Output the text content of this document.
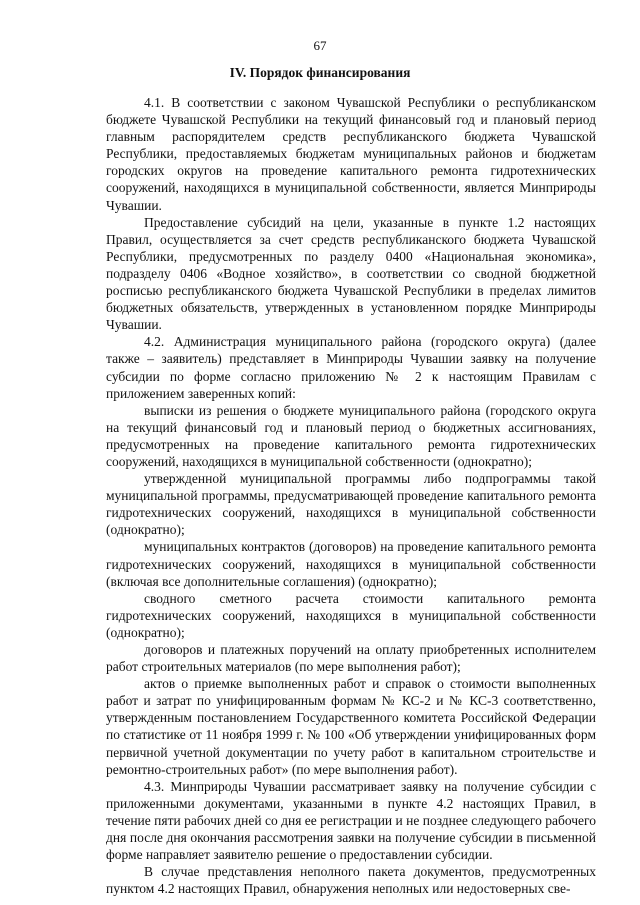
67
IV. Порядок финансирования

4.1. В соответствии с законом Чувашской Республики о республиканском бюджете Чувашской Республики на текущий финансовый год и плановый период главным распорядителем средств республиканского бюджета Чувашской Республики, предоставляемых бюджетам муниципальных районов и бюджетам городских округов на проведение капитального ремонта гидротехнических сооружений, находящихся в муниципальной собственности, является Минприроды Чувашии.

Предоставление субсидий на цели, указанные в пункте 1.2 настоящих Правил, осуществляется за счет средств республиканского бюджета Чувашской Республики, предусмотренных по разделу 0400 «Национальная экономика», подразделу 0406 «Водное хозяйство», в соответствии со сводной бюджетной росписью республиканского бюджета Чувашской Республики в пределах лимитов бюджетных обязательств, утвержденных в установленном порядке Минприроды Чувашии.

4.2. Администрация муниципального района (городского округа) (далее также – заявитель) представляет в Минприроды Чувашии заявку на получение субсидии по форме согласно приложению № 2 к настоящим Правилам с приложением заверенных копий:

выписки из решения о бюджете муниципального района (городского округа на текущий финансовый год и плановый период о бюджетных ассигнованиях, предусмотренных на проведение капитального ремонта гидротехнических сооружений, находящихся в муниципальной собственности (однократно);

утвержденной муниципальной программы либо подпрограммы такой муниципальной программы, предусматривающей проведение капитального ремонта гидротехнических сооружений, находящихся в муниципальной собственности (однократно);

муниципальных контрактов (договоров) на проведение капитального ремонта гидротехнических сооружений, находящихся в муниципальной собственности (включая все дополнительные соглашения) (однократно);

сводного сметного расчета стоимости капитального ремонта гидротехнических сооружений, находящихся в муниципальной собственности (однократно);

договоров и платежных поручений на оплату приобретенных исполнителем работ строительных материалов (по мере выполнения работ);

актов о приемке выполненных работ и справок о стоимости выполненных работ и затрат по унифицированным формам № КС-2 и № КС-3 соответственно, утвержденным постановлением Государственного комитета Российской Федерации по статистике от 11 ноября 1999 г. № 100 «Об утверждении унифицированных форм первичной учетной документации по учету работ в капитальном строительстве и ремонтно-строительных работ» (по мере выполнения работ).

4.3. Минприроды Чувашии рассматривает заявку на получение субсидии с приложенными документами, указанными в пункте 4.2 настоящих Правил, в течение пяти рабочих дней со дня ее регистрации и не позднее следующего рабочего дня после дня окончания рассмотрения заявки на получение субсидии в письменной форме направляет заявителю решение о предоставлении субсидии.

В случае представления неполного пакета документов, предусмотренных пунктом 4.2 настоящих Правил, обнаружения неполных или недостоверных све-
